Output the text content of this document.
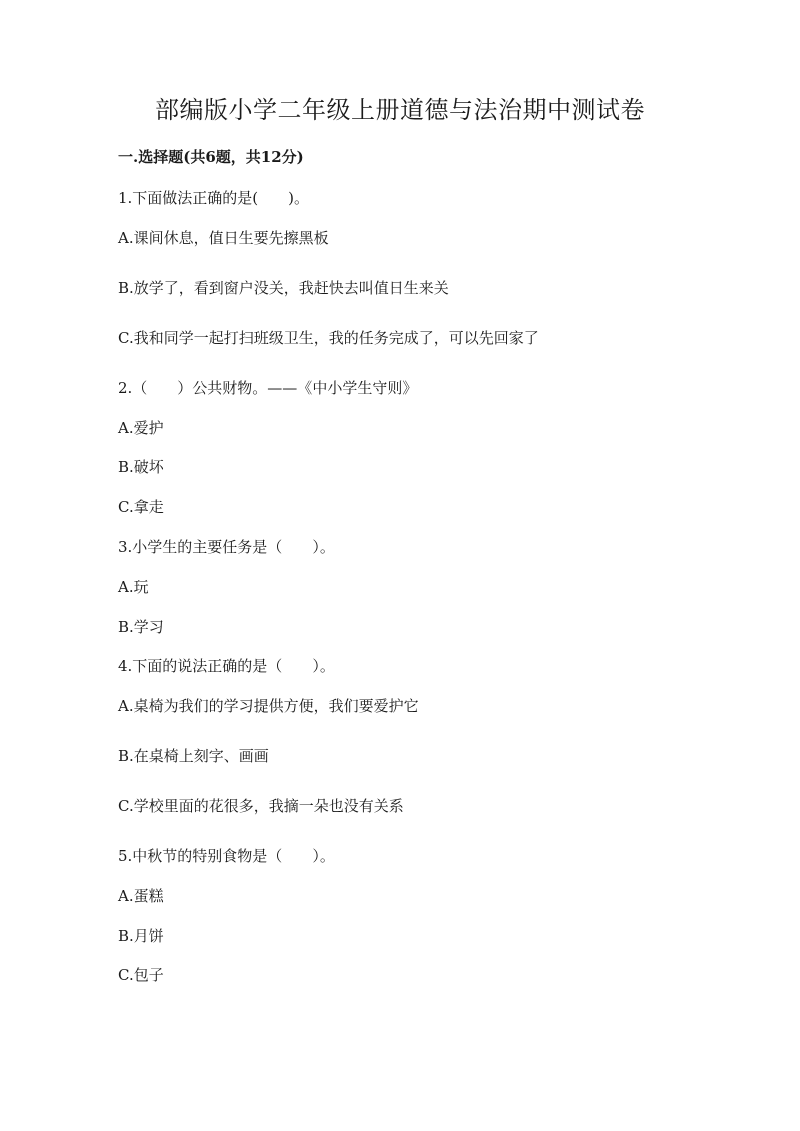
部编版小学二年级上册道德与法治期中测试卷

一.选择题(共6题，共12分)

1.下面做法正确的是(　　)。

A.课间休息，值日生要先擦黑板

B.放学了，看到窗户没关，我赶快去叫值日生来关

C.我和同学一起打扫班级卫生，我的任务完成了，可以先回家了

2.（　　）公共财物。——《中小学生守则》

A.爱护

B.破坏

C.拿走

3.小学生的主要任务是（　　）。

A.玩

B.学习

4.下面的说法正确的是（　　）。

A.桌椅为我们的学习提供方便，我们要爱护它

B.在桌椅上刻字、画画

C.学校里面的花很多，我摘一朵也没有关系

5.中秋节的特别食物是（　　）。

A.蛋糕

B.月饼

C.包子
